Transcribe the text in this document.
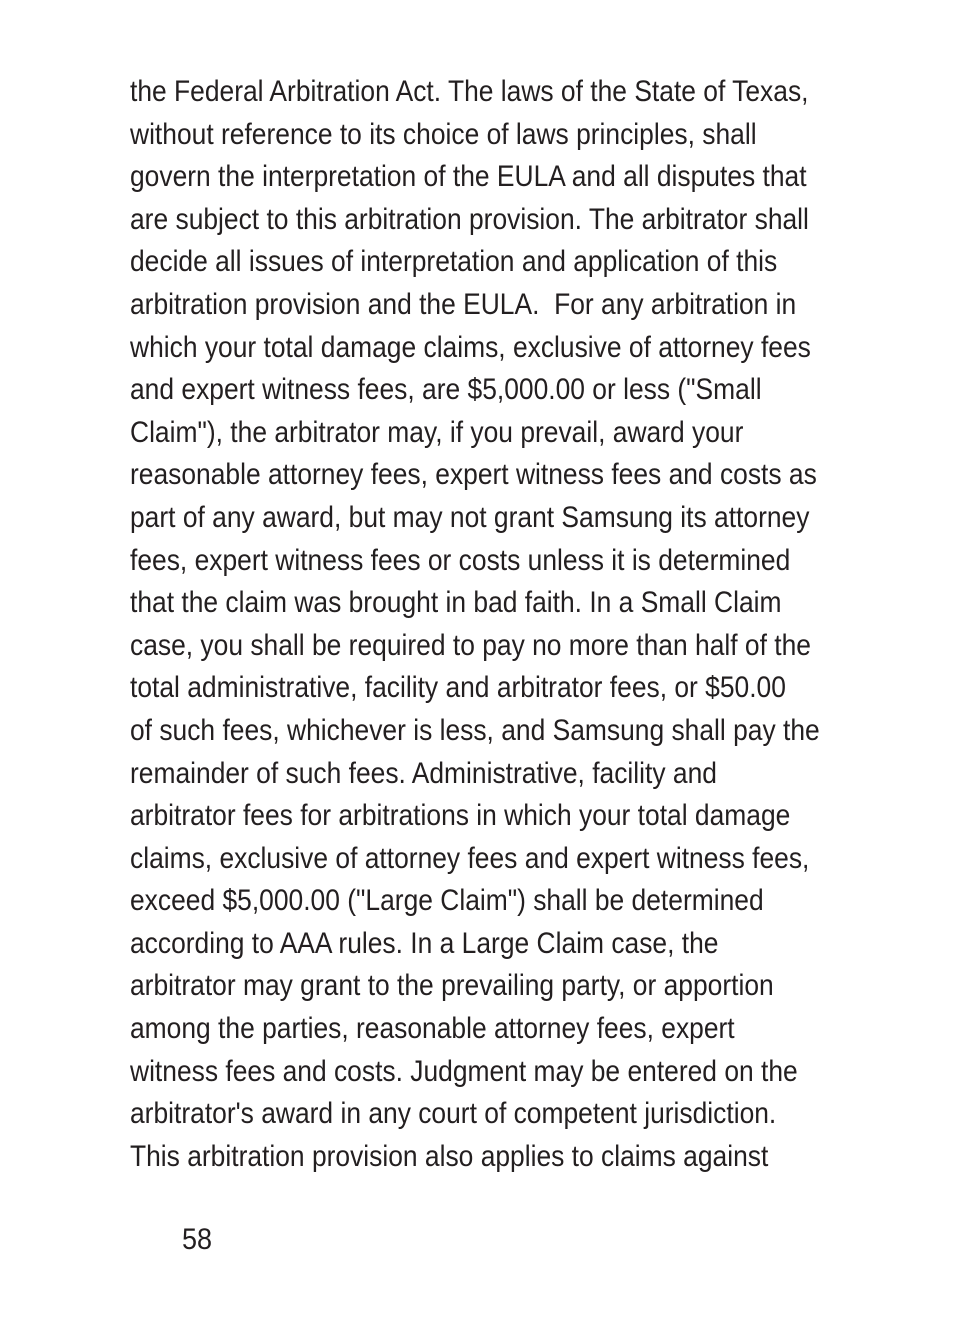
the Federal Arbitration Act. The laws of the State of Texas,
without reference to its choice of laws principles, shall
govern the interpretation of the EULA and all disputes that
are subject to this arbitration provision. The arbitrator shall
decide all issues of interpretation and application of this
arbitration provision and the EULA.  For any arbitration in
which your total damage claims, exclusive of attorney fees
and expert witness fees, are $5,000.00 or less ("Small
Claim"), the arbitrator may, if you prevail, award your
reasonable attorney fees, expert witness fees and costs as
part of any award, but may not grant Samsung its attorney
fees, expert witness fees or costs unless it is determined
that the claim was brought in bad faith. In a Small Claim
case, you shall be required to pay no more than half of the
total administrative, facility and arbitrator fees, or $50.00
of such fees, whichever is less, and Samsung shall pay the
remainder of such fees. Administrative, facility and
arbitrator fees for arbitrations in which your total damage
claims, exclusive of attorney fees and expert witness fees,
exceed $5,000.00 ("Large Claim") shall be determined
according to AAA rules. In a Large Claim case, the
arbitrator may grant to the prevailing party, or apportion
among the parties, reasonable attorney fees, expert
witness fees and costs. Judgment may be entered on the
arbitrator's award in any court of competent jurisdiction.
This arbitration provision also applies to claims against

58
